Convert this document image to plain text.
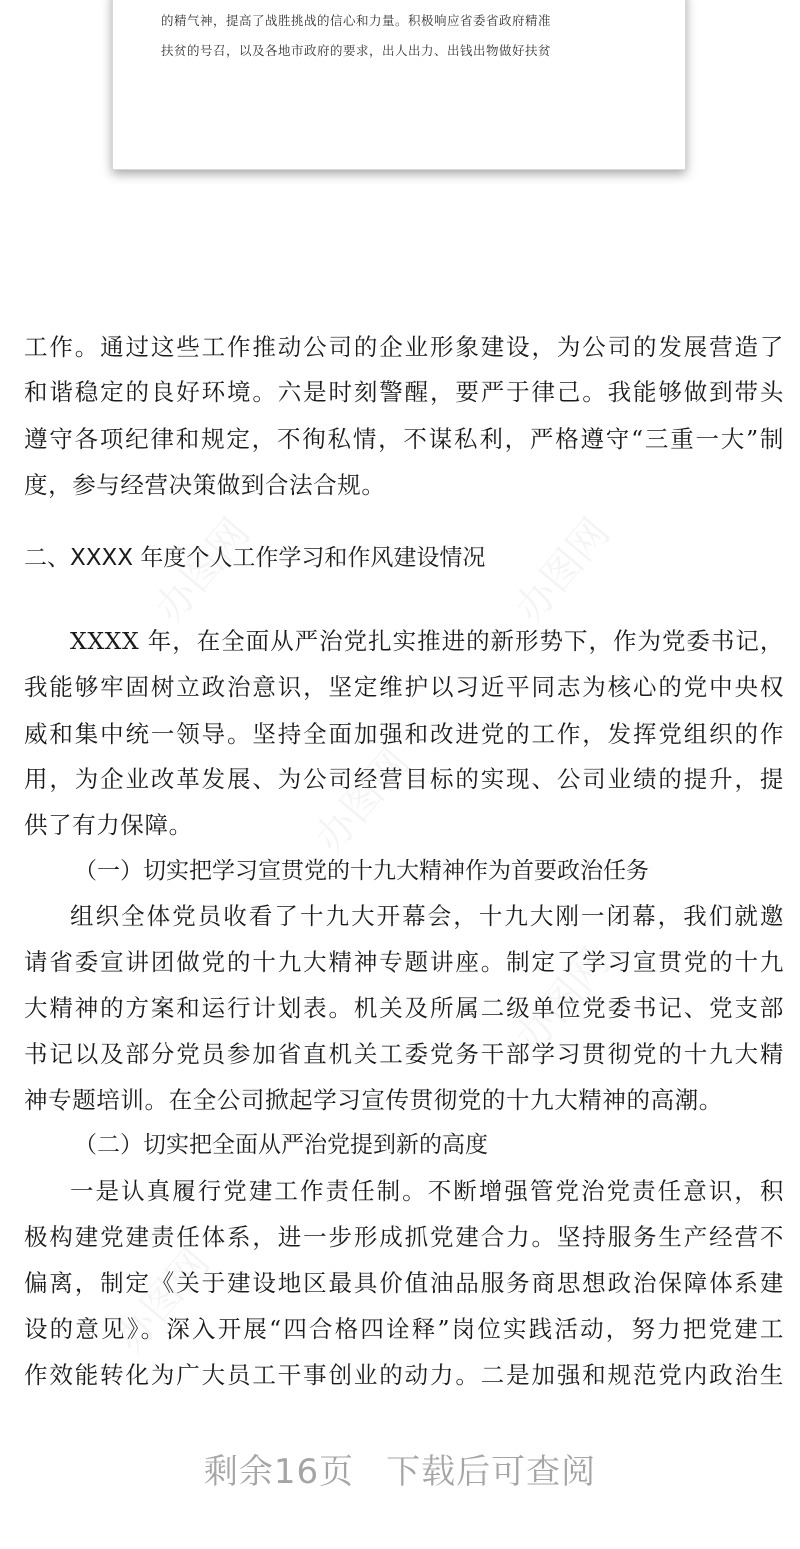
的精气神，提高了战胜挑战的信心和力量。积极响应省委省政府精准
扶贫的号召，以及各地市政府的要求，出人出力、出钱出物做好扶贫
工作。通过这些工作推动公司的企业形象建设，为公司的发展营造了
和谐稳定的良好环境。六是时刻警醒，要严于律己。我能够做到带头
遵守各项纪律和规定，不徇私情，不谋私利，严格遵守“三重一大”制
度，参与经营决策做到合法合规。
二、XXXX 年度个人工作学习和作风建设情况
XXXX 年，在全面从严治党扎实推进的新形势下，作为党委书记，
我能够牢固树立政治意识，坚定维护以习近平同志为核心的党中央权
威和集中统一领导。坚持全面加强和改进党的工作，发挥党组织的作
用，为企业改革发展、为公司经营目标的实现、公司业绩的提升，提
供了有力保障。
（一）切实把学习宣贯党的十九大精神作为首要政治任务
组织全体党员收看了十九大开幕会，十九大刚一闭幕，我们就邀
请省委宣讲团做党的十九大精神专题讲座。制定了学习宣贯党的十九
大精神的方案和运行计划表。机关及所属二级单位党委书记、党支部
书记以及部分党员参加省直机关工委党务干部学习贯彻党的十九大精
神专题培训。在全公司掀起学习宣传贯彻党的十九大精神的高潮。
（二）切实把全面从严治党提到新的高度
一是认真履行党建工作责任制。不断增强管党治党责任意识，积
极构建党建责任体系，进一步形成抓党建合力。坚持服务生产经营不
偏离，制定《关于建设地区最具价值油品服务商思想政治保障体系建
设的意见》。深入开展“四合格四诠释”岗位实践活动，努力把党建工
作效能转化为广大员工干事创业的动力。二是加强和规范党内政治生
剩余16页 下载后可查阅
